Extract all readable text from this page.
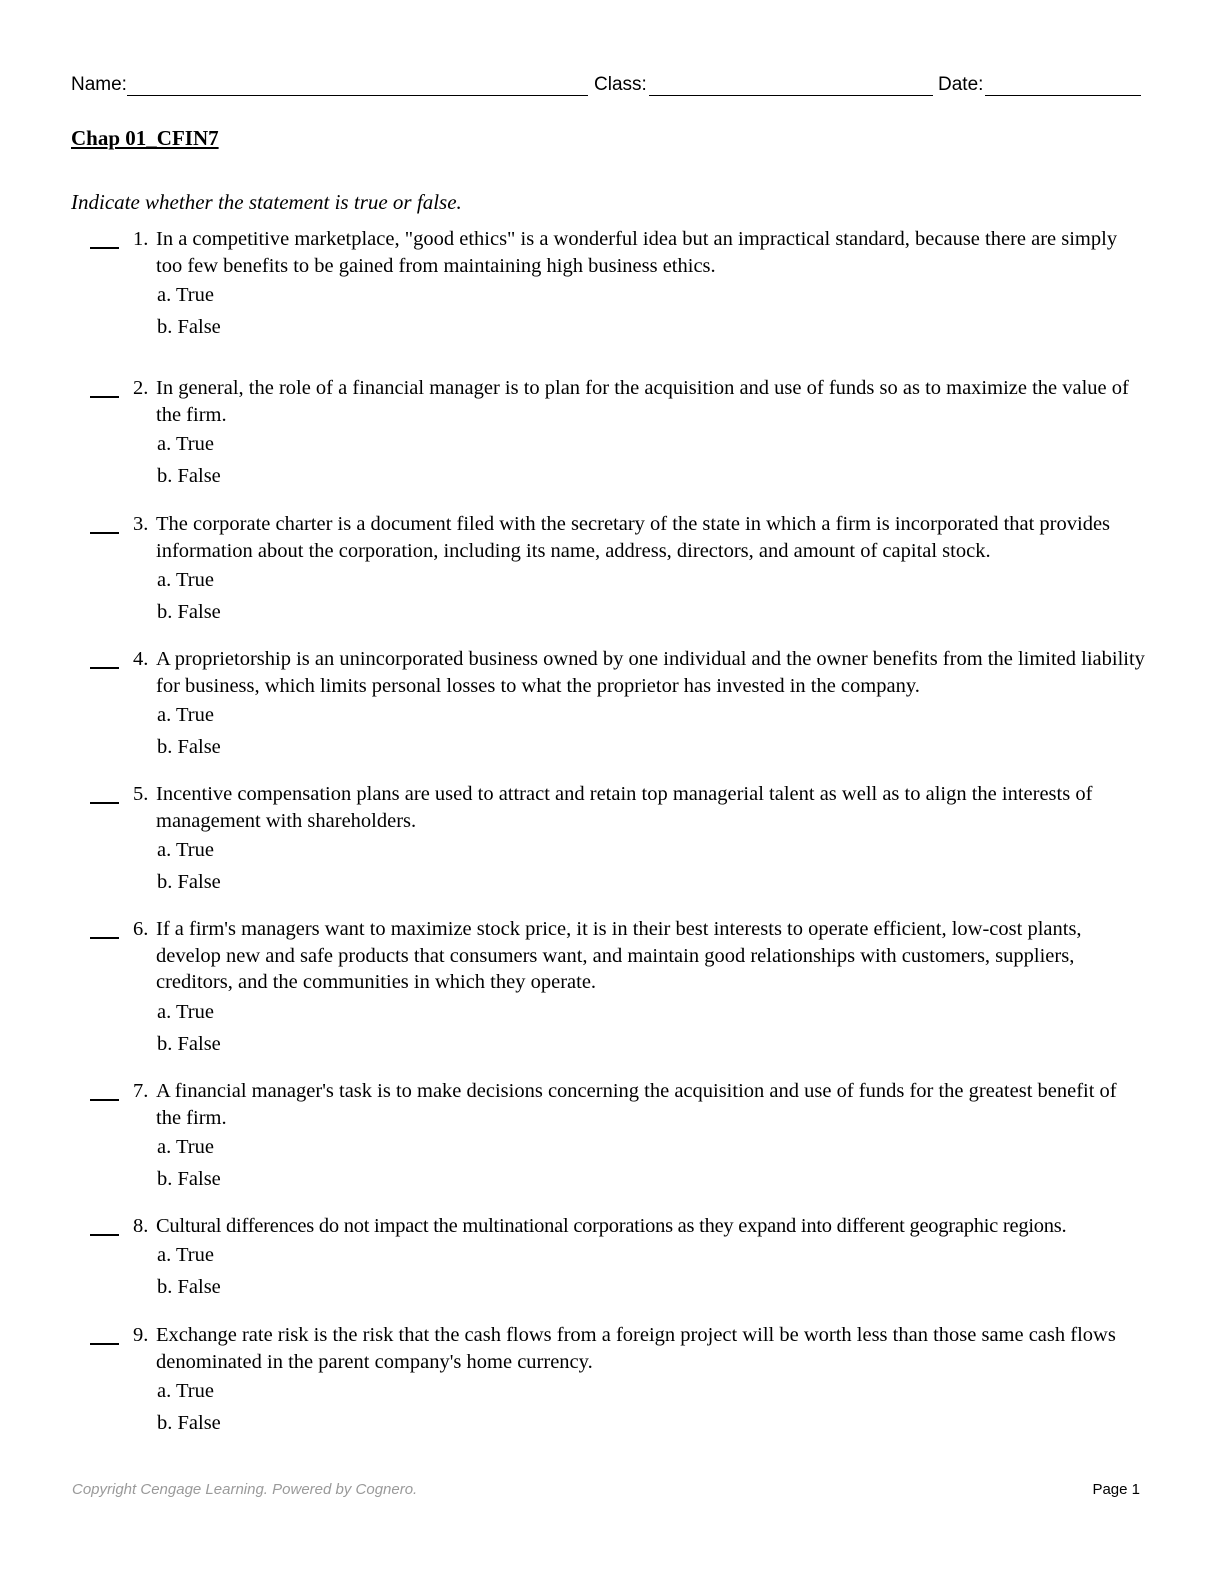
Name:	Class:	Date:
Chap 01_CFIN7
Indicate whether the statement is true or false.
1. In a competitive marketplace, "good ethics" is a wonderful idea but an impractical standard, because there are simply too few benefits to be gained from maintaining high business ethics.
a. True
b. False
2. In general, the role of a financial manager is to plan for the acquisition and use of funds so as to maximize the value of the firm.
a. True
b. False
3. The corporate charter is a document filed with the secretary of the state in which a firm is incorporated that provides information about the corporation, including its name, address, directors, and amount of capital stock.
a. True
b. False
4. A proprietorship is an unincorporated business owned by one individual and the owner benefits from the limited liability for business, which limits personal losses to what the proprietor has invested in the company.
a. True
b. False
5. Incentive compensation plans are used to attract and retain top managerial talent as well as to align the interests of management with shareholders.
a. True
b. False
6. If a firm's managers want to maximize stock price, it is in their best interests to operate efficient, low-cost plants, develop new and safe products that consumers want, and maintain good relationships with customers, suppliers, creditors, and the communities in which they operate.
a. True
b. False
7. A financial manager's task is to make decisions concerning the acquisition and use of funds for the greatest benefit of the firm.
a. True
b. False
8. Cultural differences do not impact the multinational corporations as they expand into different geographic regions.
a. True
b. False
9. Exchange rate risk is the risk that the cash flows from a foreign project will be worth less than those same cash flows denominated in the parent company's home currency.
a. True
b. False
Copyright Cengage Learning. Powered by Cognero.	Page 1
